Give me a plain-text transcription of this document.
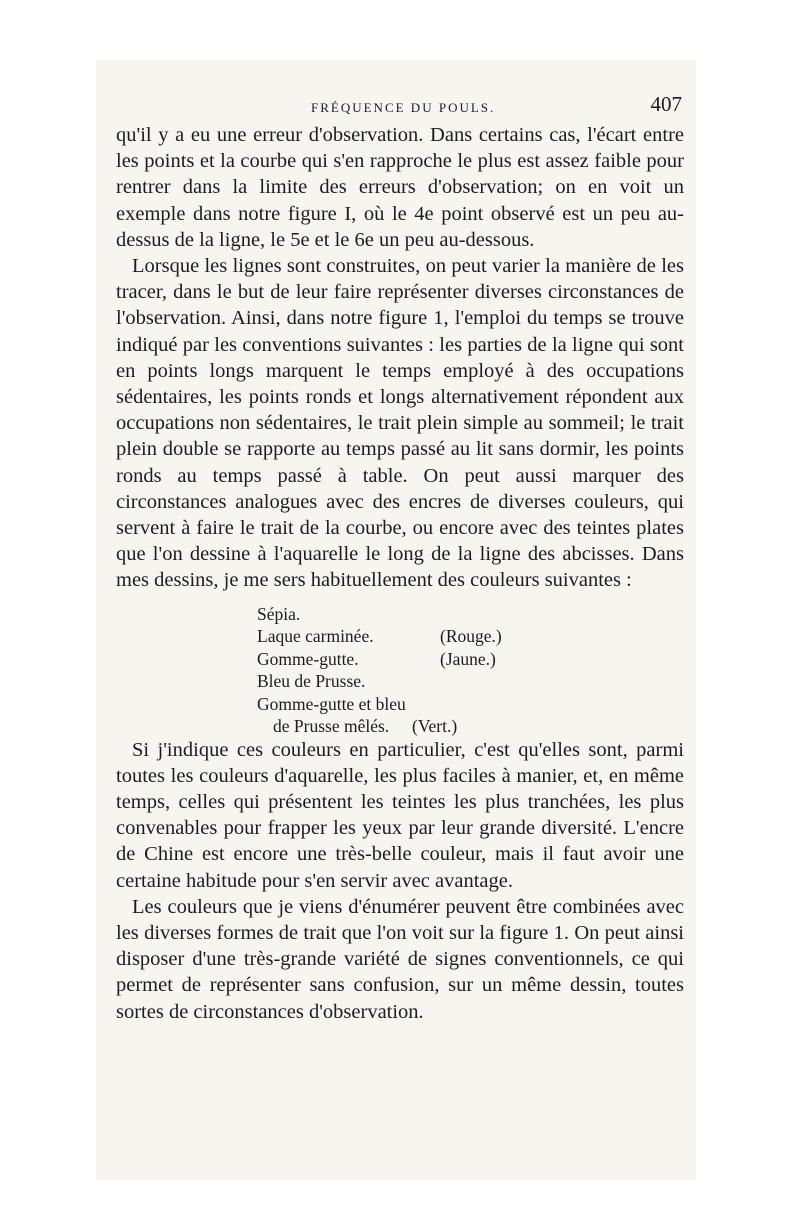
FRÉQUENCE DU POULS.	407

qu'il y a eu une erreur d'observation. Dans certains cas, l'écart entre les points et la courbe qui s'en rapproche le plus est assez faible pour rentrer dans la limite des erreurs d'observation; on en voit un exemple dans notre figure I, où le 4e point observé est un peu au-dessus de la ligne, le 5e et le 6e un peu au-dessous.

Lorsque les lignes sont construites, on peut varier la manière de les tracer, dans le but de leur faire représenter diverses circonstances de l'observation. Ainsi, dans notre figure 1, l'emploi du temps se trouve indiqué par les conventions suivantes : les parties de la ligne qui sont en points longs marquent le temps employé à des occupations sédentaires, les points ronds et longs alternativement répondent aux occupations non sédentaires, le trait plein simple au sommeil; le trait plein double se rapporte au temps passé au lit sans dormir, les points ronds au temps passé à table. On peut aussi marquer des circonstances analogues avec des encres de diverses couleurs, qui servent à faire le trait de la courbe, ou encore avec des teintes plates que l'on dessine à l'aquarelle le long de la ligne des abcisses. Dans mes dessins, je me sers habituellement des couleurs suivantes :

Sépia.
Laque carminée.	(Rouge.)
Gomme-gutte.	(Jaune.)
Bleu de Prusse.
Gomme-gutte et bleu
de Prusse mêlés. (Vert.)

Si j'indique ces couleurs en particulier, c'est qu'elles sont, parmi toutes les couleurs d'aquarelle, les plus faciles à manier, et, en même temps, celles qui présentent les teintes les plus tranchées, les plus convenables pour frapper les yeux par leur grande diversité. L'encre de Chine est encore une très-belle couleur, mais il faut avoir une certaine habitude pour s'en servir avec avantage.

Les couleurs que je viens d'énumérer peuvent être combinées avec les diverses formes de trait que l'on voit sur la figure 1. On peut ainsi disposer d'une très-grande variété de signes conventionnels, ce qui permet de représenter sans confusion, sur un même dessin, toutes sortes de circonstances d'observation.
